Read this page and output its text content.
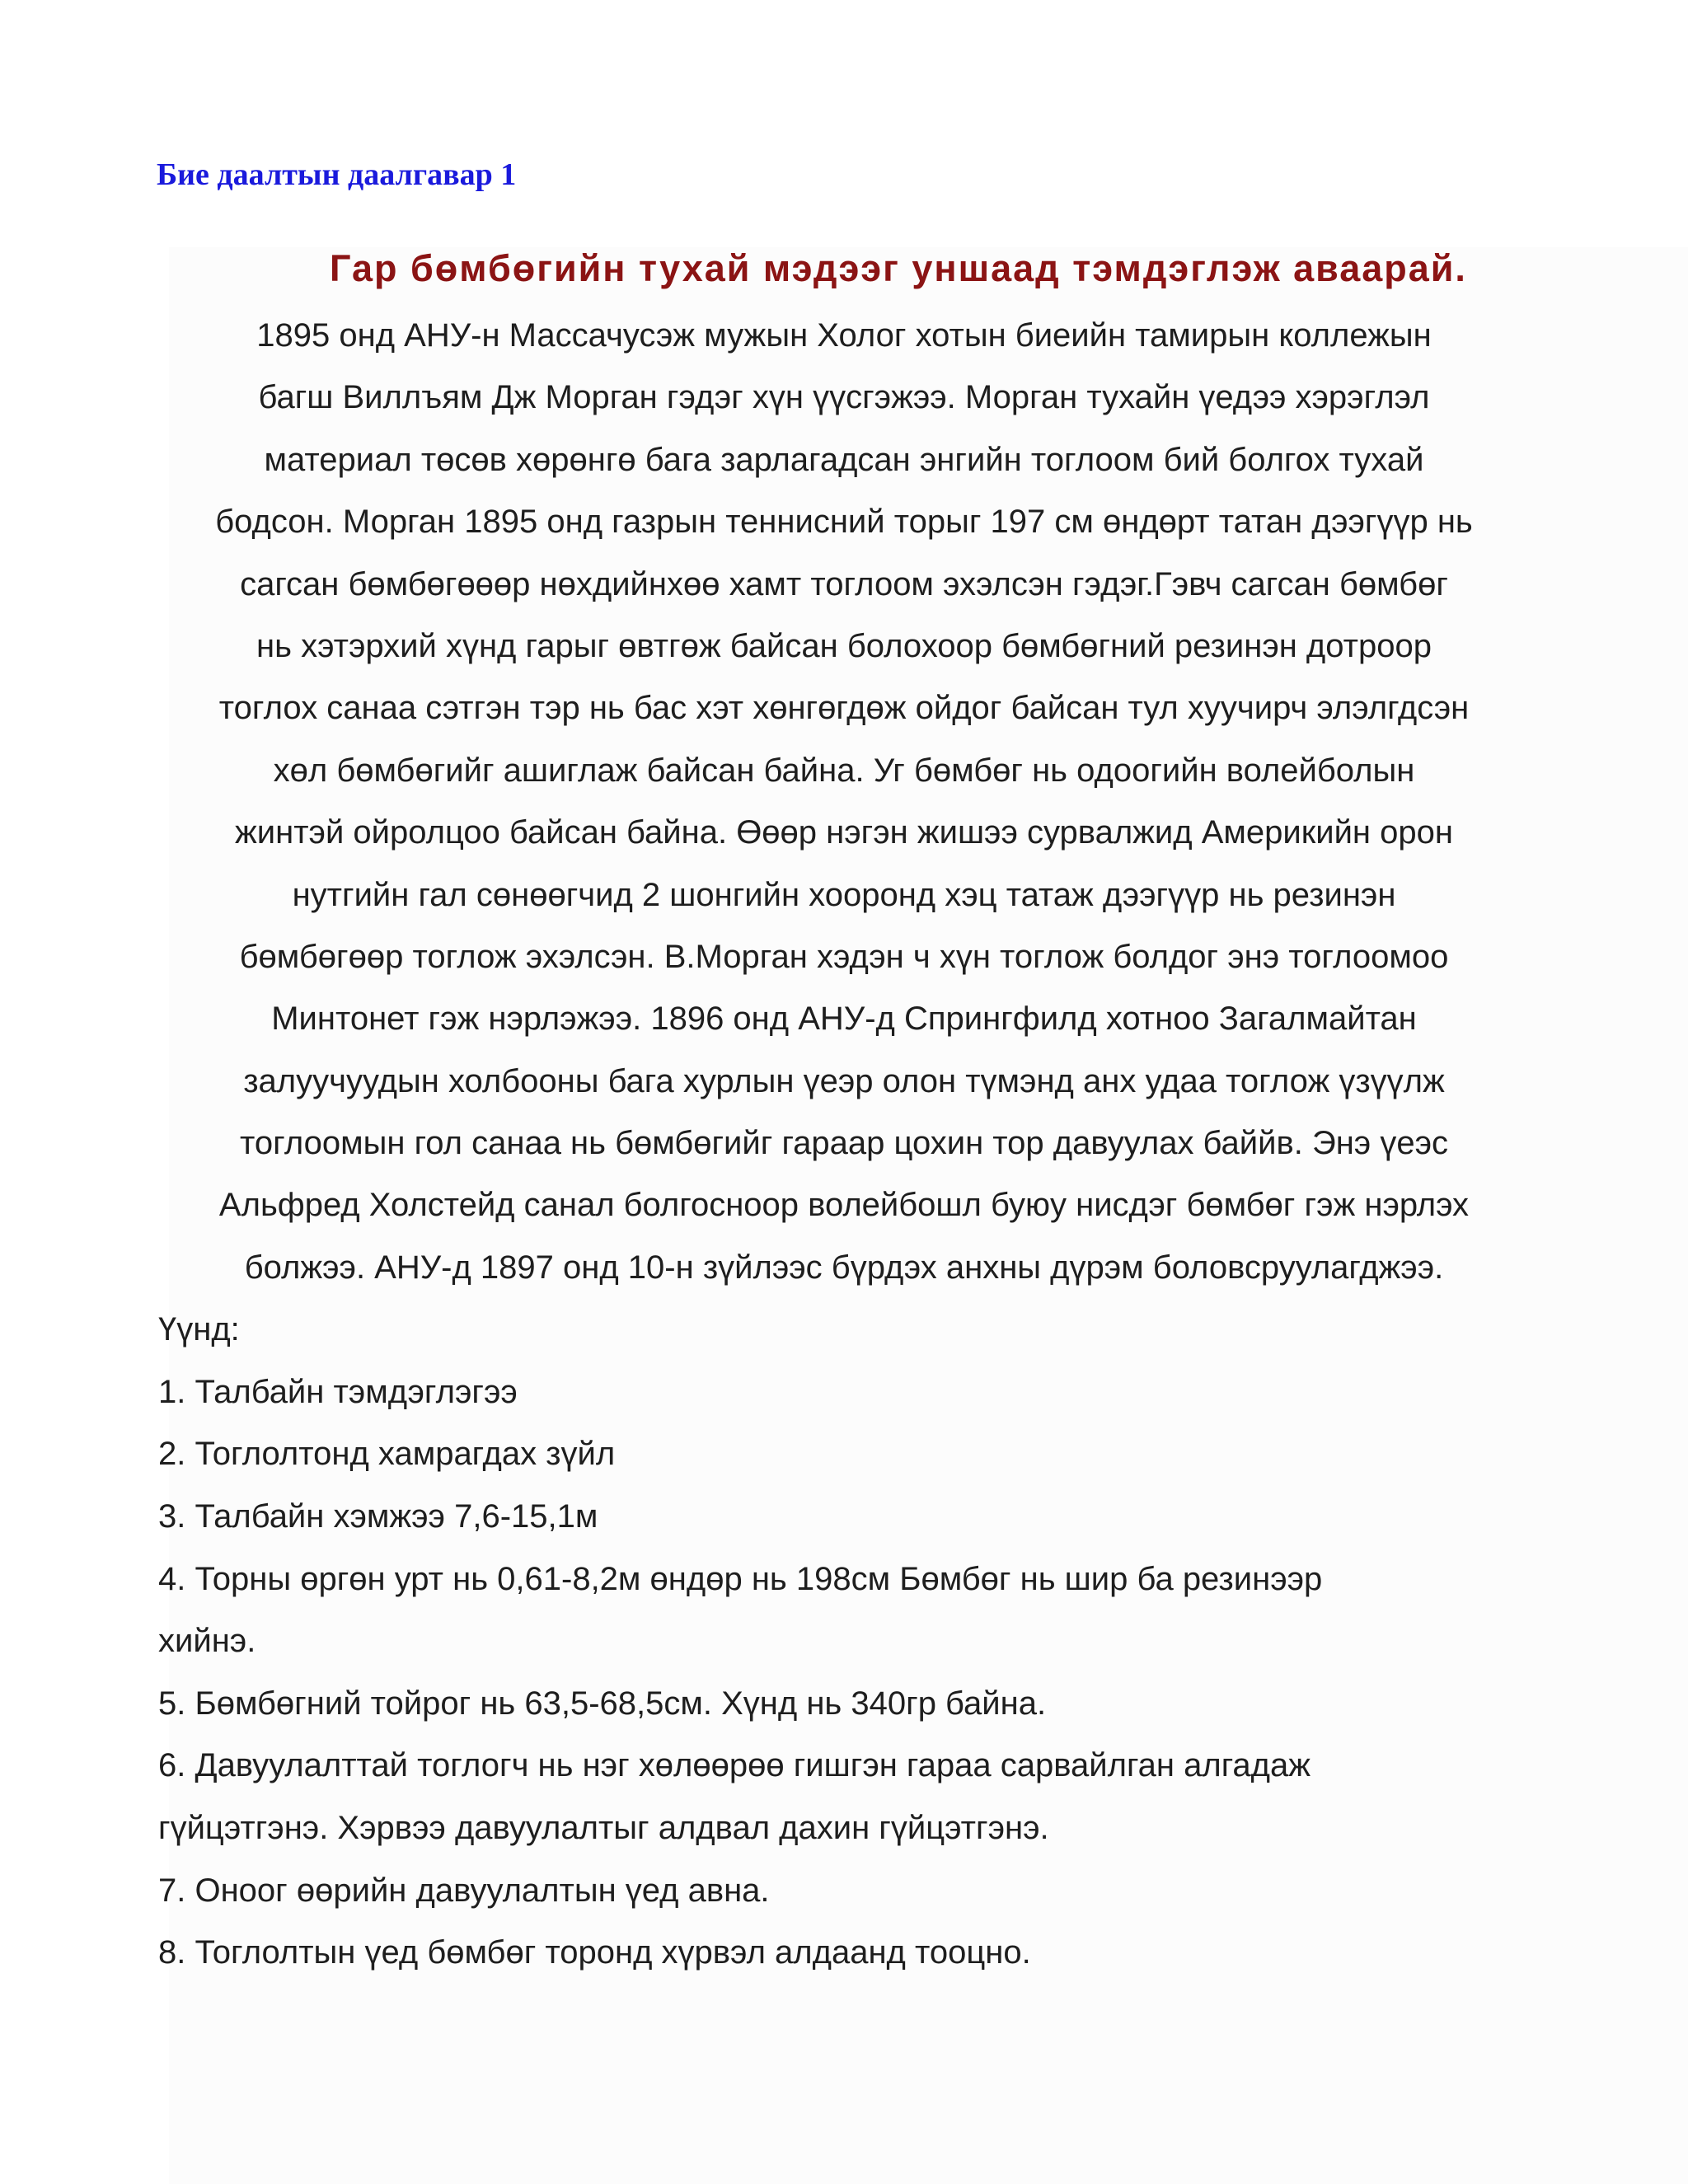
Бие даалтын даалгавар 1

Гар бөмбөгийн тухай мэдээг уншаад тэмдэглэж аваарай.
1895 онд АНУ-н Массачусэж мужын Холог хотын биеийн тамирын коллежын
багш Виллъям Дж Морган гэдэг хүн үүсгэжээ. Морган тухайн үедээ хэрэглэл
материал төсөв хөрөнгө бага зарлагадсан энгийн тоглоом бий болгох тухай
бодсон. Морган 1895 онд газрын теннисний торыг 197 см өндөрт татан дээгүүр нь
сагсан бөмбөгөөөр нөхдийнхөө хамт тоглоом эхэлсэн гэдэг.Гэвч сагсан бөмбөг
нь хэтэрхий хүнд гарыг өвтгөж байсан болохоор бөмбөгний резинэн дотроор
тоглох санаа сэтгэн тэр нь бас хэт хөнгөгдөж ойдог байсан тул хуучирч элэлгдсэн
хөл бөмбөгийг ашиглаж байсан байна. Уг бөмбөг нь одоогийн волейболын
жинтэй ойролцоо байсан байна. Өөөр нэгэн жишээ сурвалжид Америкийн орон
нутгийн гал сөнөөгчид 2 шонгийн хооронд хэц татаж дээгүүр нь резинэн
бөмбөгөөр тоглож эхэлсэн. В.Морган хэдэн ч хүн тоглож болдог энэ тоглоомоо
Минтонет гэж нэрлэжээ. 1896 онд АНУ-д Спрингфилд хотноо Загалмайтан
залуучуудын холбооны бага хурлын үеэр олон түмэнд анх удаа тоглож үзүүлж
тоглоомын гол санаа нь бөмбөгийг гараар цохин тор давуулах баййв. Энэ үеэс
Альфред Холстейд санал болгосноор волейбошл буюу нисдэг бөмбөг гэж нэрлэх
болжээ. АНУ-д 1897 онд 10-н зүйлээс бүрдэх анхны дүрэм боловсруулагджээ.
Үүнд:
1. Талбайн тэмдэглэгээ
2. Тоглолтонд хамрагдах зүйл
3. Талбайн хэмжээ 7,6-15,1м
4. Торны өргөн урт нь 0,61-8,2м өндөр нь 198см Бөмбөг нь шир ба резинээр
хийнэ.
5. Бөмбөгний тойрог нь 63,5-68,5см. Хүнд нь 340гр байна.
6. Давуулалттай тоглогч нь нэг хөлөөрөө гишгэн гараа сарвайлган алгадаж
гүйцэтгэнэ. Хэрвээ давуулалтыг алдвал дахин гүйцэтгэнэ.
7. Оноог өөрийн давуулалтын үед авна.
8. Тоглолтын үед бөмбөг торонд хүрвэл алдаанд тооцно.
